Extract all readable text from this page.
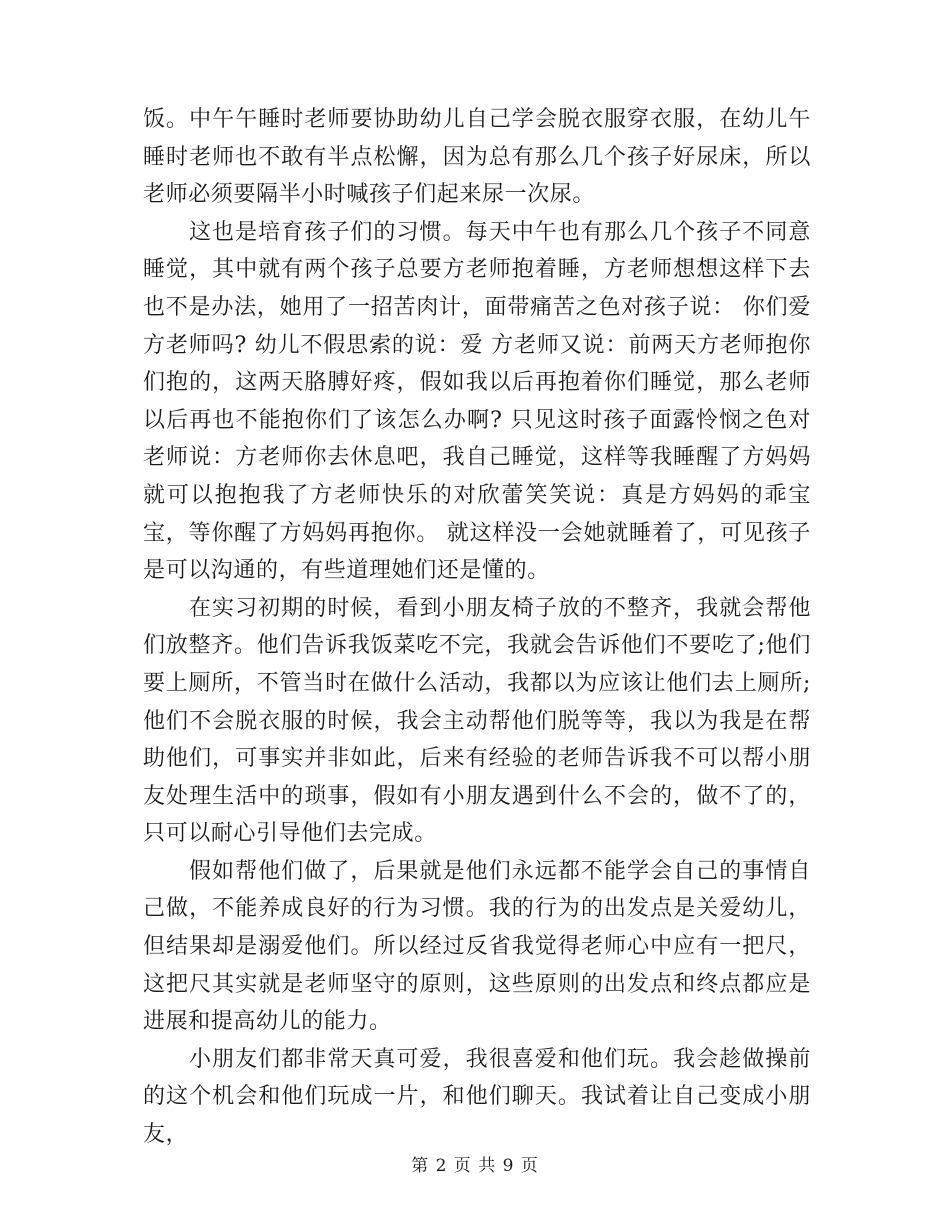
饭。中午午睡时老师要协助幼儿自己学会脱衣服穿衣服，在幼儿午睡时老师也不敢有半点松懈，因为总有那么几个孩子好尿床，所以老师必须要隔半小时喊孩子们起来尿一次尿。

这也是培育孩子们的习惯。每天中午也有那么几个孩子不同意睡觉，其中就有两个孩子总要方老师抱着睡，方老师想想这样下去也不是办法，她用了一招苦肉计，面带痛苦之色对孩子说： 你们爱方老师吗? 幼儿不假思索的说：爱 方老师又说：前两天方老师抱你们抱的，这两天胳膊好疼，假如我以后再抱着你们睡觉，那么老师以后再也不能抱你们了该怎么办啊? 只见这时孩子面露怜悯之色对老师说：方老师你去休息吧，我自己睡觉，这样等我睡醒了方妈妈就可以抱抱我了方老师快乐的对欣蕾笑笑说：真是方妈妈的乖宝宝，等你醒了方妈妈再抱你。 就这样没一会她就睡着了，可见孩子是可以沟通的，有些道理她们还是懂的。

在实习初期的时候，看到小朋友椅子放的不整齐，我就会帮他们放整齐。他们告诉我饭菜吃不完，我就会告诉他们不要吃了;他们要上厕所，不管当时在做什么活动，我都以为应该让他们去上厕所;他们不会脱衣服的时候，我会主动帮他们脱等等，我以为我是在帮助他们，可事实并非如此，后来有经验的老师告诉我不可以帮小朋友处理生活中的琐事，假如有小朋友遇到什么不会的，做不了的，只可以耐心引导他们去完成。

假如帮他们做了，后果就是他们永远都不能学会自己的事情自己做，不能养成良好的行为习惯。我的行为的出发点是关爱幼儿，但结果却是溺爱他们。所以经过反省我觉得老师心中应有一把尺，这把尺其实就是老师坚守的原则，这些原则的出发点和终点都应是进展和提高幼儿的能力。

小朋友们都非常天真可爱，我很喜爱和他们玩。我会趁做操前的这个机会和他们玩成一片，和他们聊天。我试着让自己变成小朋友，

第 2 页 共 9 页
